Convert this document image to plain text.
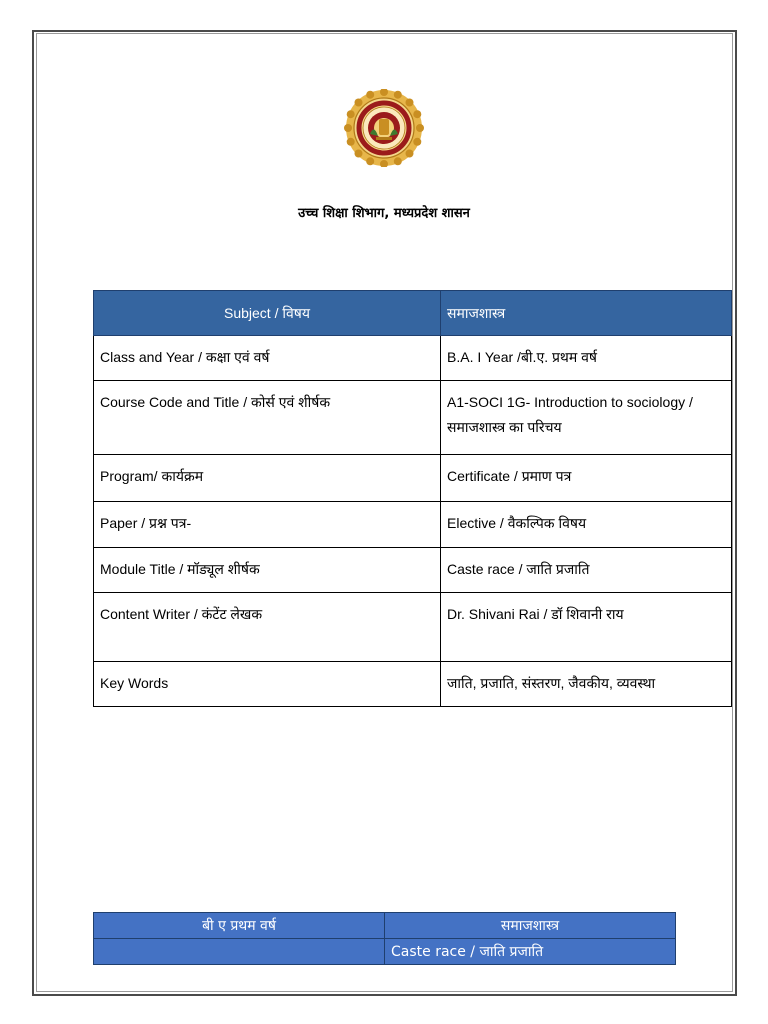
उच्च शिक्षा शिभाग, मध्यप्रदेश शासन
Subject / विषय	समाजशास्त्र
Class and Year / कक्षा एवं वर्ष	B.A. I Year /बी.ए. प्रथम वर्ष
Course Code and Title / कोर्स एवं शीर्षक	A1-SOCI 1G- Introduction to sociology / समाजशास्त्र का परिचय
Program/ कार्यक्रम	Certificate / प्रमाण पत्र
Paper / प्रश्न पत्र-	Elective / वैकल्पिक विषय
Module Title / मॉड्यूल शीर्षक	Caste race / जाति प्रजाति
Content Writer / कंटेंट लेखक	Dr. Shivani Rai / डॉ शिवानी राय
Key Words	जाति, प्रजाति, संस्तरण, जैवकीय, व्यवस्था
बी ए प्रथम वर्ष	समाजशास्त्र
	Caste race / जाति प्रजाति
